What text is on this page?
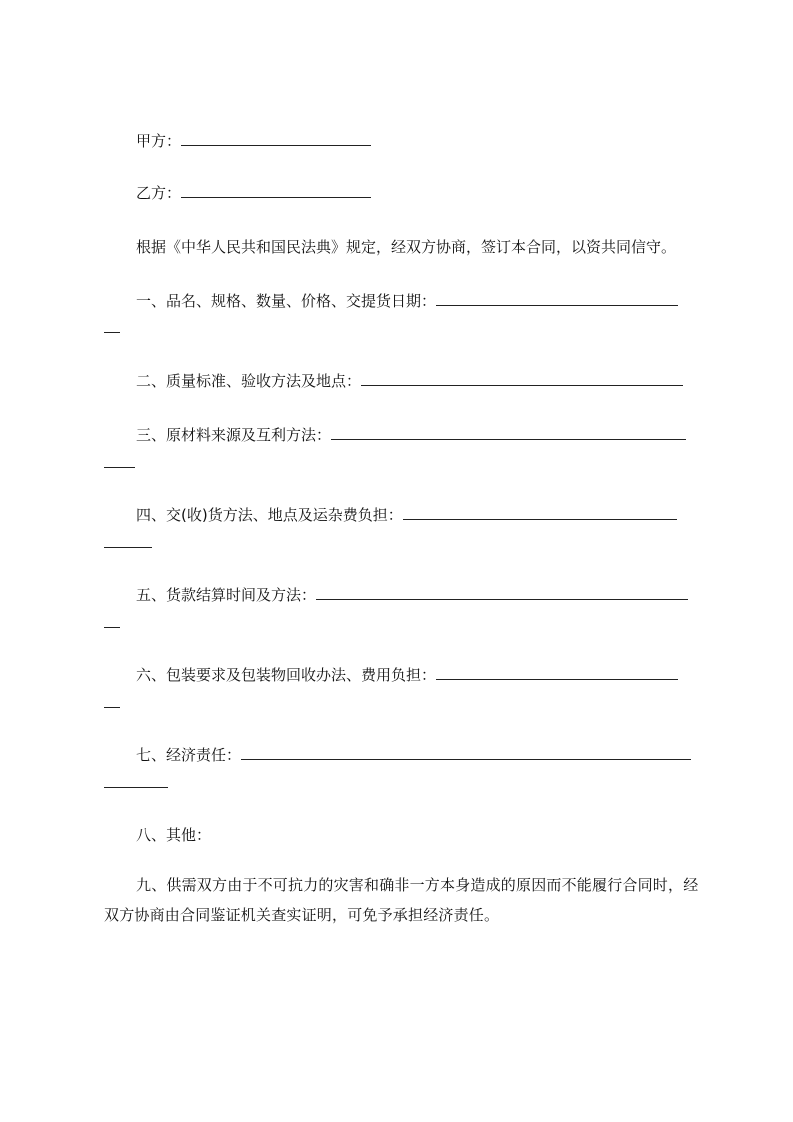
甲方：
乙方：
根据《中华人民共和国民法典》规定，经双方协商，签订本合同，以资共同信守。
一、品名、规格、数量、价格、交提货日期：
二、质量标准、验收方法及地点：
三、原材料来源及互利方法：
四、交(收)货方法、地点及运杂费负担：
五、货款结算时间及方法：
六、包装要求及包装物回收办法、费用负担：
七、经济责任：
八、其他：
九、供需双方由于不可抗力的灾害和确非一方本身造成的原因而不能履行合同时，经双方协商由合同鉴证机关查实证明，可免予承担经济责任。
